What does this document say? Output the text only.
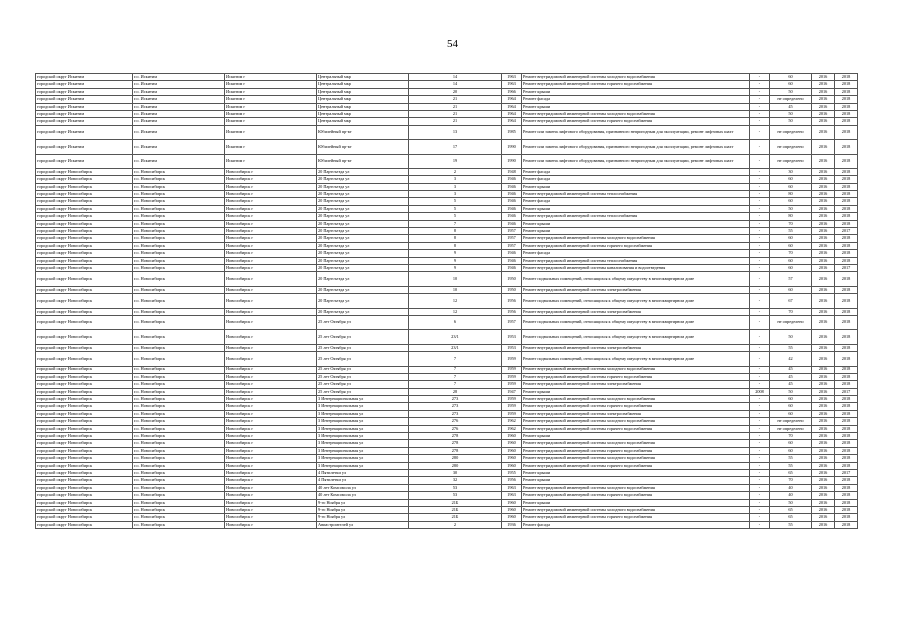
54
городской округ Искитим	г.о. Искитим	Искитим г	Центральный мкр	14	1963	Ремонт внутридомовой инженерной системы холодного водоснабжения	-	60	2016	2018
городской округ Искитим	г.о. Искитим	Искитим г	Центральный мкр	14	1963	Ремонт внутридомовой инженерной системы горячего водоснабжения	-	60	2016	2018
городской округ Искитим	г.о. Искитим	Искитим г	Центральный мкр	20	1966	Ремонт крыши	-	50	2016	2018
городской округ Искитим	г.о. Искитим	Искитим г	Центральный мкр	21	1964	Ремонт фасада	-	не определено	2016	2018
городской округ Искитим	г.о. Искитим	Искитим г	Центральный мкр	21	1964	Ремонт крыши	-	45	2016	2018
городской округ Искитим	г.о. Искитим	Искитим г	Центральный мкр	21	1964	Ремонт внутридомовой инженерной системы холодного водоснабжения	-	50	2016	2018
городской округ Искитим	г.о. Искитим	Искитим г	Центральный мкр	21	1964	Ремонт внутридомовой инженерной системы горячего водоснабжения	-	50	2016	2018
городской округ Искитим	г.о. Искитим	Искитим г	Юбилейный пр-кт	13	1985	Ремонт или замена лифтового оборудования, признанного непригодным для эксплуатации, ремонт лифтовых шахт	-	не определено	2016	2018
городской округ Искитим	г.о. Искитим	Искитим г	Юбилейный пр-кт	17	1990	Ремонт или замена лифтового оборудования, признанного непригодным для эксплуатации, ремонт лифтовых шахт	-	не определено	2016	2018
городской округ Искитим	г.о. Искитим	Искитим г	Юбилейный пр-кт	19	1990	Ремонт или замена лифтового оборудования, признанного непригодным для эксплуатации, ремонт лифтовых шахт	-	не определено	2016	2018
городской округ Новосибирск	г.о. Новосибирск	Новосибирск г	20 Партсъезда ул	2	1948	Ремонт фасада	-	30	2016	2018
городской округ Новосибирск	г.о. Новосибирск	Новосибирск г	20 Партсъезда ул	3	1946	Ремонт фасада	-	60	2016	2018
городской округ Новосибирск	г.о. Новосибирск	Новосибирск г	20 Партсъезда ул	3	1946	Ремонт крыши	-	60	2016	2018
городской округ Новосибирск	г.о. Новосибирск	Новосибирск г	20 Партсъезда ул	3	1946	Ремонт внутридомовой инженерной системы теплоснабжения	-	80	2016	2018
городской округ Новосибирск	г.о. Новосибирск	Новосибирск г	20 Партсъезда ул	5	1946	Ремонт фасада	-	60	2016	2018
городской округ Новосибирск	г.о. Новосибирск	Новосибирск г	20 Партсъезда ул	5	1946	Ремонт крыши	-	50	2016	2018
городской округ Новосибирск	г.о. Новосибирск	Новосибирск г	20 Партсъезда ул	5	1946	Ремонт внутридомовой инженерной системы теплоснабжения	-	80	2016	2018
городской округ Новосибирск	г.о. Новосибирск	Новосибирск г	20 Партсъезда ул	7	1946	Ремонт крыши	-	70	2016	2018
городской округ Новосибирск	г.о. Новосибирск	Новосибирск г	20 Партсъезда ул	8	1957	Ремонт крыши	-	55	2016	2017
городской округ Новосибирск	г.о. Новосибирск	Новосибирск г	20 Партсъезда ул	8	1957	Ремонт внутридомовой инженерной системы холодного водоснабжения	-	60	2016	2018
городской округ Новосибирск	г.о. Новосибирск	Новосибирск г	20 Партсъезда ул	8	1957	Ремонт внутридомовой инженерной системы горячего водоснабжения	-	60	2016	2018
городской округ Новосибирск	г.о. Новосибирск	Новосибирск г	20 Партсъезда ул	9	1946	Ремонт фасада	-	70	2016	2018
городской округ Новосибирск	г.о. Новосибирск	Новосибирск г	20 Партсъезда ул	9	1946	Ремонт внутридомовой инженерной системы теплоснабжения	-	60	2016	2018
городской округ Новосибирск	г.о. Новосибирск	Новосибирск г	20 Партсъезда ул	9	1946	Ремонт внутридомовой инженерной системы канализования и водоотведения	-	60	2016	2017
городской округ Новосибирск	г.о. Новосибирск	Новосибирск г	20 Партсъезда ул	10	1950	Ремонт подвальных помещений, относящихся к общему имуществу в многоквартирном доме	-	57	2016	2018
городской округ Новосибирск	г.о. Новосибирск	Новосибирск г	20 Партсъезда ул	10	1950	Ремонт внутридомовой инженерной системы электроснабжения	-	60	2016	2018
городской округ Новосибирск	г.о. Новосибирск	Новосибирск г	20 Партсъезда ул	12	1956	Ремонт подвальных помещений, относящихся к общему имуществу в многоквартирном доме	-	67	2016	2018
городской округ Новосибирск	г.о. Новосибирск	Новосибирск г	20 Партсъезда ул	12	1956	Ремонт внутридомовой инженерной системы электроснабжения	-	70	2016	2018
городской округ Новосибирск	г.о. Новосибирск	Новосибирск г	25 лет Октября ул	6	1957	Ремонт подвальных помещений, относящихся к общему имуществу в многоквартирном доме	-	не определено	2016	2018
городской округ Новосибирск	г.о. Новосибирск	Новосибирск г	25 лет Октября ул	23/1	1953	Ремонт подвальных помещений, относящихся к общему имуществу в многоквартирном доме	-	50	2016	2018
городской округ Новосибирск	г.о. Новосибирск	Новосибирск г	25 лет Октября ул	23/1	1953	Ремонт внутридомовой инженерной системы электроснабжения	-	55	2016	2018
городской округ Новосибирск	г.о. Новосибирск	Новосибирск г	25 лет Октября ул	7	1959	Ремонт подвальных помещений, относящихся к общему имуществу в многоквартирном доме	-	42	2016	2018
городской округ Новосибирск	г.о. Новосибирск	Новосибирск г	25 лет Октября ул	7	1959	Ремонт внутридомовой инженерной системы холодного водоснабжения	-	45	2016	2018
городской округ Новосибирск	г.о. Новосибирск	Новосибирск г	25 лет Октября ул	7	1959	Ремонт внутридомовой инженерной системы горячего водоснабжения	-	45	2016	2018
городской округ Новосибирск	г.о. Новосибирск	Новосибирск г	25 лет Октября ул	7	1959	Ремонт внутридомовой инженерной системы электроснабжения	-	45	2016	2018
городской округ Новосибирск	г.о. Новосибирск	Новосибирск г	25 лет Октября ул	28	1947	Ремонт крыши	2008	50	2016	2017
городской округ Новосибирск	г.о. Новосибирск	Новосибирск г	3 Интернациональная ул	273	1959	Ремонт внутридомовой инженерной системы холодного водоснабжения	-	60	2016	2018
городской округ Новосибирск	г.о. Новосибирск	Новосибирск г	3 Интернациональная ул	273	1959	Ремонт внутридомовой инженерной системы горячего водоснабжения	-	60	2016	2018
городской округ Новосибирск	г.о. Новосибирск	Новосибирск г	3 Интернациональная ул	273	1959	Ремонт внутридомовой инженерной системы электроснабжения	-	60	2016	2018
городской округ Новосибирск	г.о. Новосибирск	Новосибирск г	3 Интернациональная ул	276	1962	Ремонт внутридомовой инженерной системы холодного водоснабжения	-	не определено	2016	2018
городской округ Новосибирск	г.о. Новосибирск	Новосибирск г	3 Интернациональная ул	276	1962	Ремонт внутридомовой инженерной системы горячего водоснабжения	-	не определено	2016	2018
городской округ Новосибирск	г.о. Новосибирск	Новосибирск г	3 Интернациональная ул	278	1960	Ремонт крыши	-	70	2016	2018
городской округ Новосибирск	г.о. Новосибирск	Новосибирск г	3 Интернациональная ул	278	1960	Ремонт внутридомовой инженерной системы холодного водоснабжения	-	60	2016	2018
городской округ Новосибирск	г.о. Новосибирск	Новосибирск г	3 Интернациональная ул	278	1960	Ремонт внутридомовой инженерной системы горячего водоснабжения	-	60	2016	2018
городской округ Новосибирск	г.о. Новосибирск	Новосибирск г	3 Интернациональная ул	280	1960	Ремонт внутридомовой инженерной системы холодного водоснабжения	-	55	2016	2018
городской округ Новосибирск	г.о. Новосибирск	Новосибирск г	3 Интернациональная ул	280	1960	Ремонт внутридомовой инженерной системы горячего водоснабжения	-	55	2016	2018
городской округ Новосибирск	г.о. Новосибирск	Новосибирск г	4 Пятилетки ул	30	1955	Ремонт крыши	-	65	2016	2017
городской округ Новосибирск	г.о. Новосибирск	Новосибирск г	4 Пятилетки ул	32	1956	Ремонт крыши	-	70	2016	2018
городской округ Новосибирск	г.о. Новосибирск	Новосибирск г	40 лет Комсомола ул	53	1963	Ремонт внутридомовой инженерной системы холодного водоснабжения	-	40	2016	2018
городской округ Новосибирск	г.о. Новосибирск	Новосибирск г	40 лет Комсомола ул	53	1963	Ремонт внутридомовой инженерной системы горячего водоснабжения	-	40	2016	2018
городской округ Новосибирск	г.о. Новосибирск	Новосибирск г	9-го Ноября ул	21Б	1960	Ремонт крыши	-	50	2016	2018
городской округ Новосибирск	г.о. Новосибирск	Новосибирск г	9-го Ноября ул	21Б	1960	Ремонт внутридомовой инженерной системы холодного водоснабжения	-	65	2016	2018
городской округ Новосибирск	г.о. Новосибирск	Новосибирск г	9-го Ноября ул	21Б	1960	Ремонт внутридомовой инженерной системы горячего водоснабжения	-	65	2016	2018
городской округ Новосибирск	г.о. Новосибирск	Новосибирск г	Авиастроителей ул	2	1936	Ремонт фасада	-	55	2016	2018
